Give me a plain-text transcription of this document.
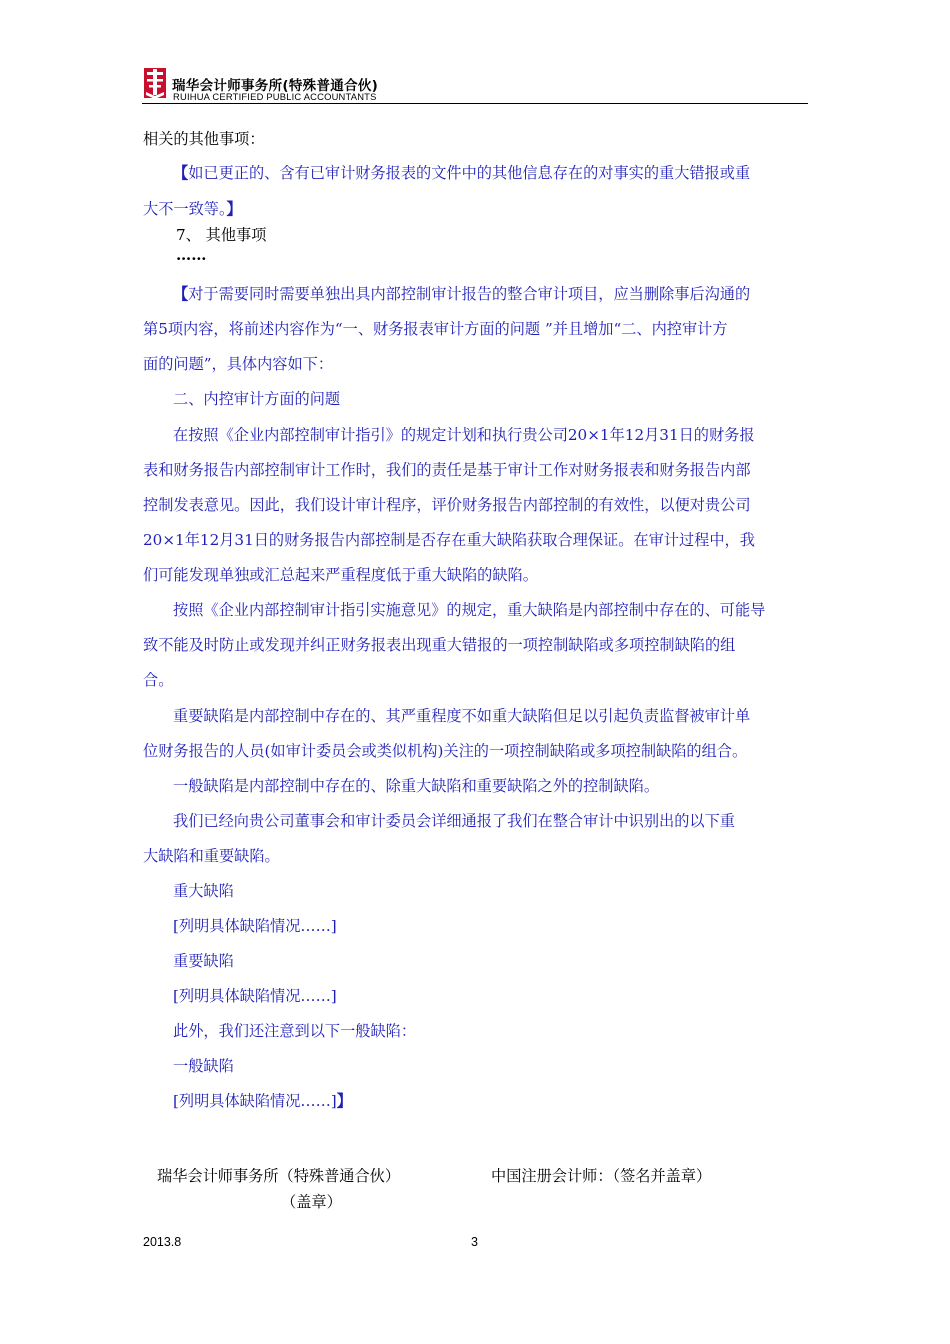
瑞华会计师事务所(特殊普通合伙)
RUIHUA CERTIFIED PUBLIC ACCOUNTANTS
相关的其他事项：
【如已更正的、含有已审计财务报表的文件中的其他信息存在的对事实的重大错报或重
大不一致等。】
7、 其他事项
……
【对于需要同时需要单独出具内部控制审计报告的整合审计项目，应当删除事后沟通的
第5项内容，将前述内容作为“一、财务报表审计方面的问题 ”并且增加“二、内控审计方
面的问题”，具体内容如下：
二、内控审计方面的问题
在按照《企业内部控制审计指引》的规定计划和执行贵公司20×1年12月31日的财务报
表和财务报告内部控制审计工作时，我们的责任是基于审计工作对财务报表和财务报告内部
控制发表意见。因此，我们设计审计程序，评价财务报告内部控制的有效性，以便对贵公司
20×1年12月31日的财务报告内部控制是否存在重大缺陷获取合理保证。在审计过程中，我
们可能发现单独或汇总起来严重程度低于重大缺陷的缺陷。
按照《企业内部控制审计指引实施意见》的规定，重大缺陷是内部控制中存在的、可能导
致不能及时防止或发现并纠正财务报表出现重大错报的一项控制缺陷或多项控制缺陷的组
合。
重要缺陷是内部控制中存在的、其严重程度不如重大缺陷但足以引起负责监督被审计单
位财务报告的人员(如审计委员会或类似机构)关注的一项控制缺陷或多项控制缺陷的组合。
一般缺陷是内部控制中存在的、除重大缺陷和重要缺陷之外的控制缺陷。
我们已经向贵公司董事会和审计委员会详细通报了我们在整合审计中识别出的以下重
大缺陷和重要缺陷。
重大缺陷
[列明具体缺陷情况……]
重要缺陷
[列明具体缺陷情况……]
此外，我们还注意到以下一般缺陷：
一般缺陷
[列明具体缺陷情况……]】
瑞华会计师事务所（特殊普通合伙）
（盖章）
中国注册会计师：（签名并盖章）
2013.8	3
